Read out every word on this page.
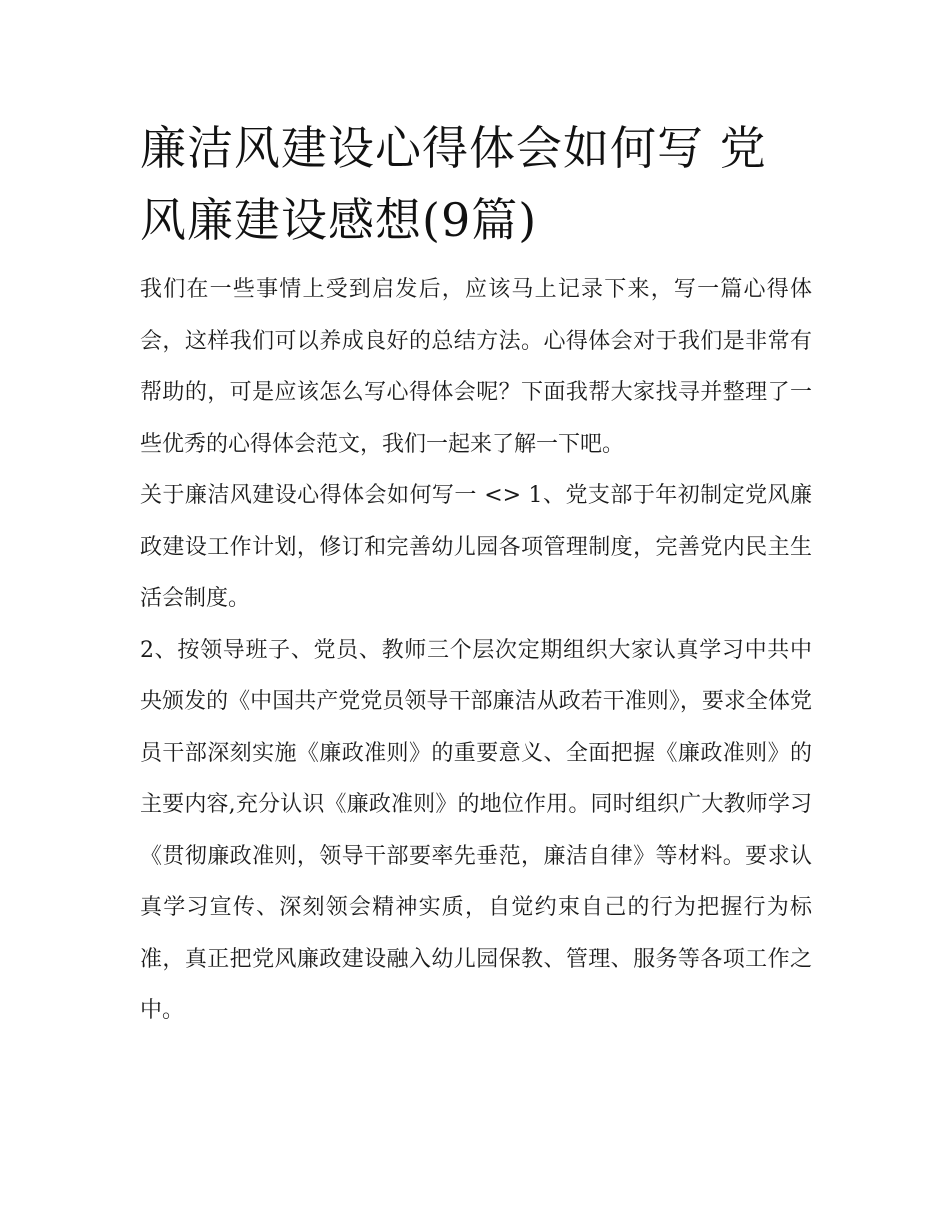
廉洁风建设心得体会如何写 党风廉建设感想(9篇)

我们在一些事情上受到启发后，应该马上记录下来，写一篇心得体会，这样我们可以养成良好的总结方法。心得体会对于我们是非常有帮助的，可是应该怎么写心得体会呢？下面我帮大家找寻并整理了一些优秀的心得体会范文，我们一起来了解一下吧。

关于廉洁风建设心得体会如何写一 <> 1、党支部于年初制定党风廉政建设工作计划，修订和完善幼儿园各项管理制度，完善党内民主生活会制度。

2、按领导班子、党员、教师三个层次定期组织大家认真学习中共中央颁发的《中国共产党党员领导干部廉洁从政若干准则》，要求全体党员干部深刻实施《廉政准则》的重要意义、全面把握《廉政准则》的主要内容,充分认识《廉政准则》的地位作用。同时组织广大教师学习《贯彻廉政准则，领导干部要率先垂范，廉洁自律》等材料。要求认真学习宣传、深刻领会精神实质，自觉约束自己的行为把握行为标准，真正把党风廉政建设融入幼儿园保教、管理、服务等各项工作之中。
